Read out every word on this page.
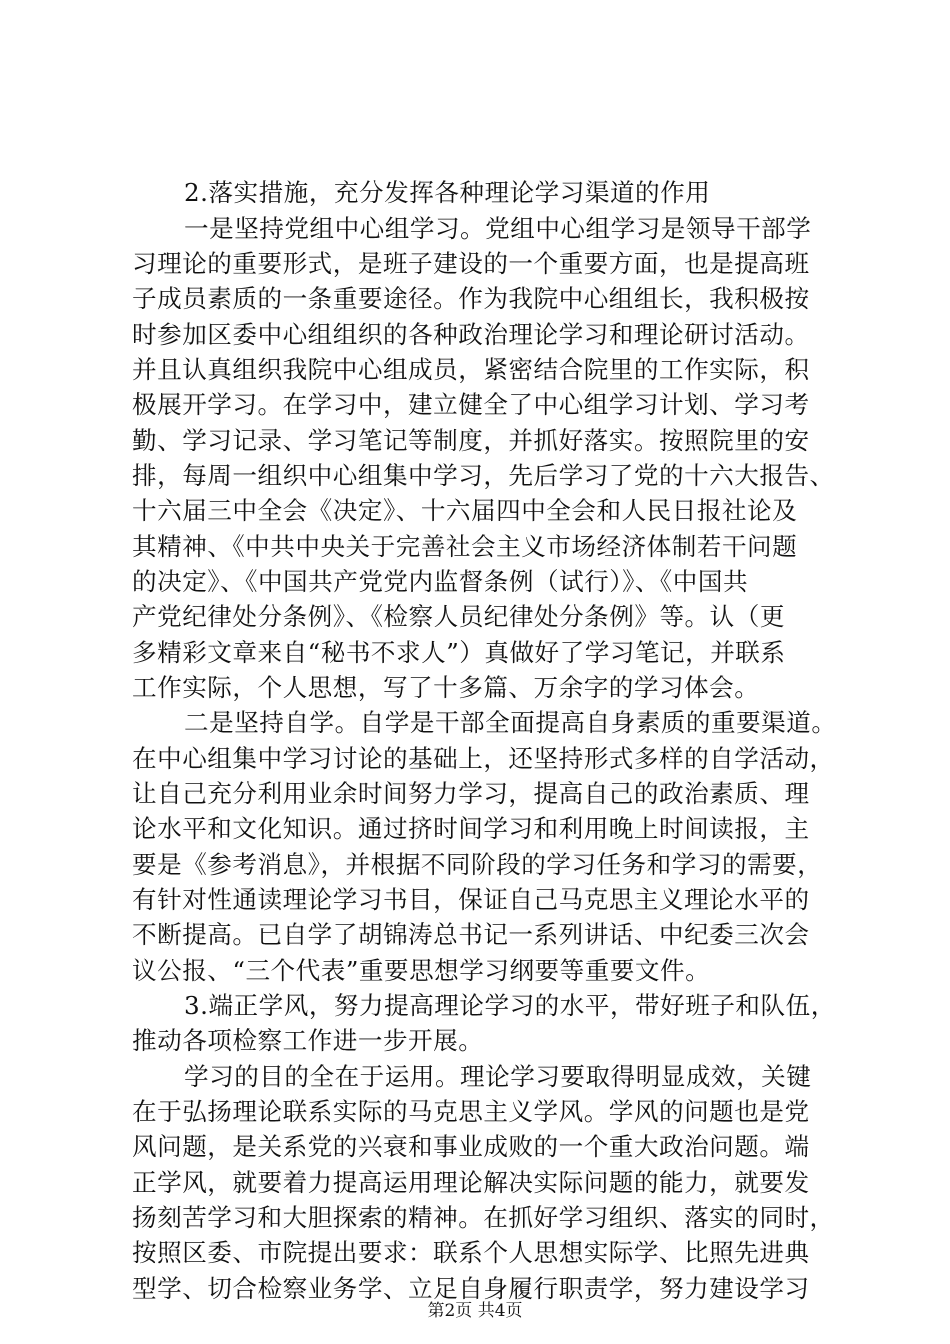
2.落实措施，充分发挥各种理论学习渠道的作用
一是坚持党组中心组学习。党组中心组学习是领导干部学
习理论的重要形式，是班子建设的一个重要方面，也是提高班
子成员素质的一条重要途径。作为我院中心组组长，我积极按
时参加区委中心组组织的各种政治理论学习和理论研讨活动。
并且认真组织我院中心组成员，紧密结合院里的工作实际，积
极展开学习。在学习中，建立健全了中心组学习计划、学习考
勤、学习记录、学习笔记等制度，并抓好落实。按照院里的安
排，每周一组织中心组集中学习，先后学习了党的十六大报告、
十六届三中全会《决定》、十六届四中全会和人民日报社论及
其精神、《中共中央关于完善社会主义市场经济体制若干问题
的决定》、《中国共产党党内监督条例（试行）》、《中国共
产党纪律处分条例》、《检察人员纪律处分条例》等。认（更
多精彩文章来自“秘书不求人”）真做好了学习笔记，并联系
工作实际，个人思想，写了十多篇、万余字的学习体会。
二是坚持自学。自学是干部全面提高自身素质的重要渠道。
在中心组集中学习讨论的基础上，还坚持形式多样的自学活动，
让自己充分利用业余时间努力学习，提高自己的政治素质、理
论水平和文化知识。通过挤时间学习和利用晚上时间读报，主
要是《参考消息》，并根据不同阶段的学习任务和学习的需要，
有针对性通读理论学习书目，保证自己马克思主义理论水平的
不断提高。已自学了胡锦涛总书记一系列讲话、中纪委三次会
议公报、“三个代表”重要思想学习纲要等重要文件。
3.端正学风，努力提高理论学习的水平，带好班子和队伍，
推动各项检察工作进一步开展。
学习的目的全在于运用。理论学习要取得明显成效，关键
在于弘扬理论联系实际的马克思主义学风。学风的问题也是党
风问题，是关系党的兴衰和事业成败的一个重大政治问题。端
正学风，就要着力提高运用理论解决实际问题的能力，就要发
扬刻苦学习和大胆探索的精神。在抓好学习组织、落实的同时，
按照区委、市院提出要求：联系个人思想实际学、比照先进典
型学、切合检察业务学、立足自身履行职责学，努力建设学习
第2页 共4页
